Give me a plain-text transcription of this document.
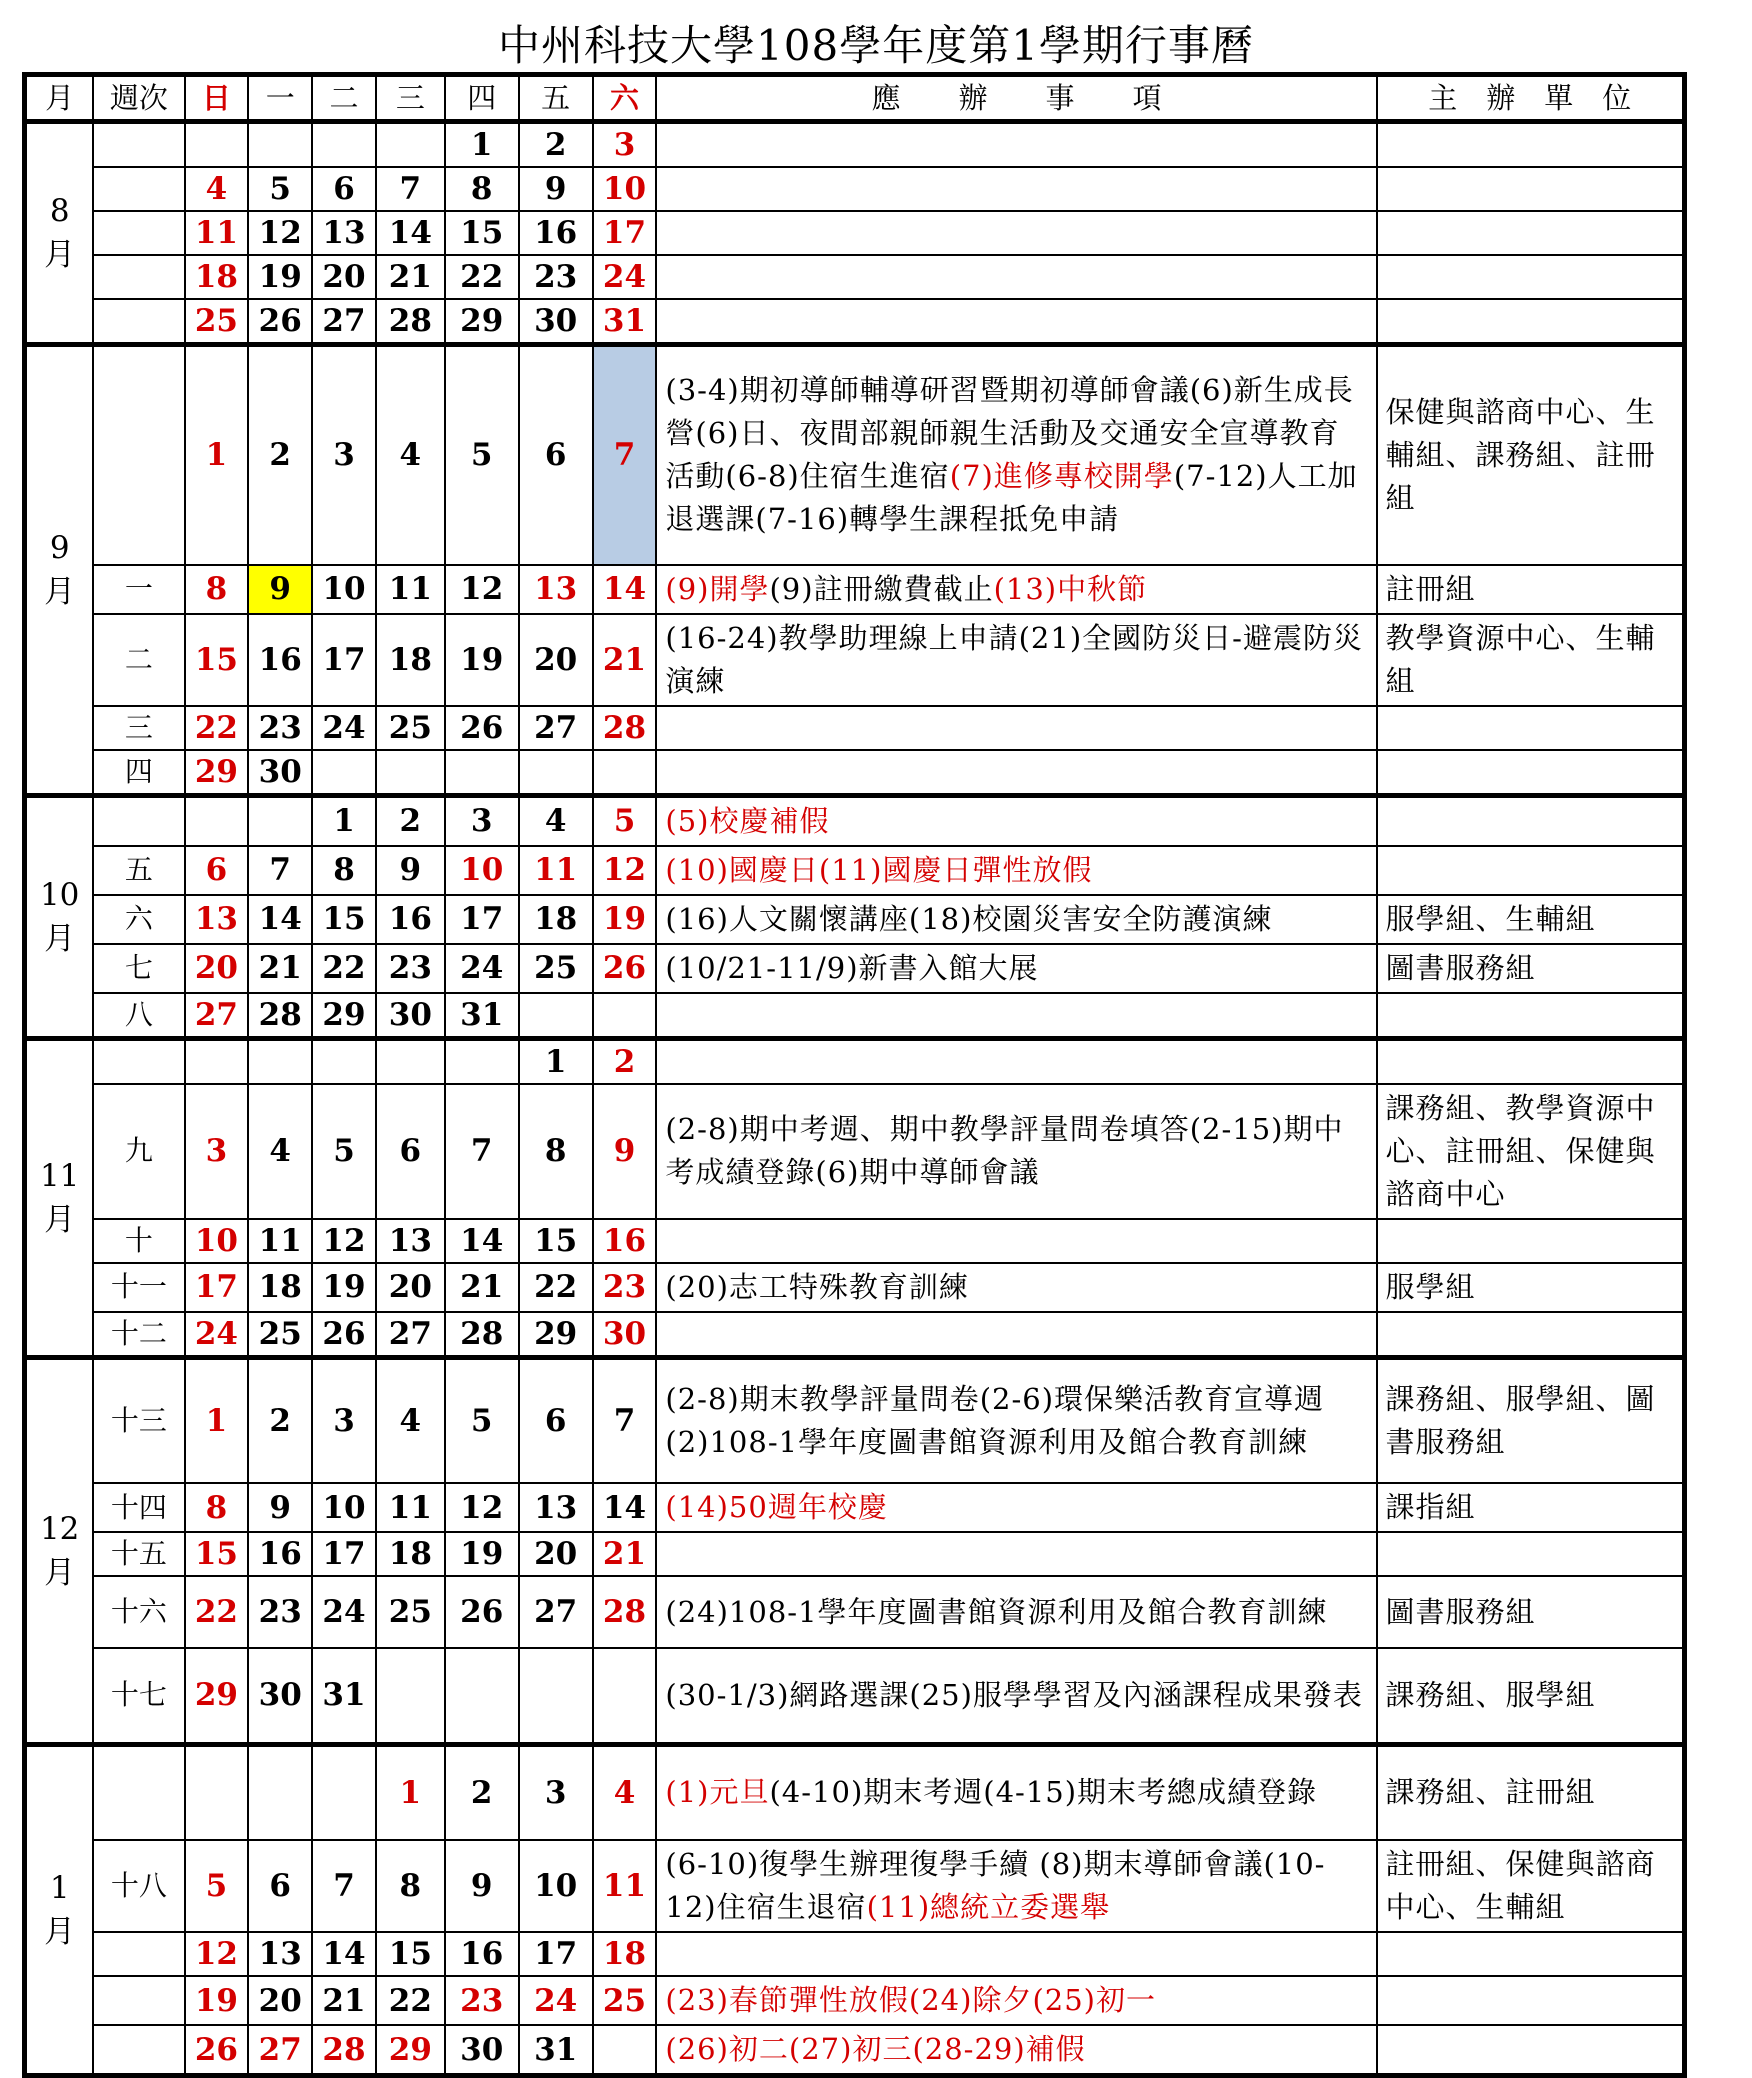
中州科技大學108學年度第1學期行事曆
月	週次	日	一	二	三	四	五	六	應　　辦　　事　　項	主　辦　單　位
8
月						1	2	3		
		4	5	6	7	8	9	10		
		11	12	13	14	15	16	17		
		18	19	20	21	22	23	24		
		25	26	27	28	29	30	31		
9
月		1	2	3	4	5	6	7	(3-4)期初導師輔導研習暨期初導師會議(6)新生成長營(6)日、夜間部親師親生活動及交通安全宣導教育活動(6-8)住宿生進宿(7)進修專校開學(7-12)人工加退選課(7-16)轉學生課程抵免申請	保健與諮商中心、生輔組、課務組、註冊組
	一	8	9	10	11	12	13	14	(9)開學(9)註冊繳費截止(13)中秋節	註冊組
	二	15	16	17	18	19	20	21	(16-24)教學助理線上申請(21)全國防災日-避震防災演練	教學資源中心、生輔組
	三	22	23	24	25	26	27	28		
	四	29	30							
10
月				1	2	3	4	5	(5)校慶補假	
	五	6	7	8	9	10	11	12	(10)國慶日(11)國慶日彈性放假	
	六	13	14	15	16	17	18	19	(16)人文關懷講座(18)校園災害安全防護演練	服學組、生輔組
	七	20	21	22	23	24	25	26	(10/21-11/9)新書入館大展	圖書服務組
	八	27	28	29	30	31				
11
月							1	2		
	九	3	4	5	6	7	8	9	(2-8)期中考週、期中教學評量問卷填答(2-15)期中考成績登錄(6)期中導師會議	課務組、教學資源中心、註冊組、保健與諮商中心
	十	10	11	12	13	14	15	16		
	十一	17	18	19	20	21	22	23	(20)志工特殊教育訓練	服學組
	十二	24	25	26	27	28	29	30		
12
月	十三	1	2	3	4	5	6	7	(2-8)期末教學評量問卷(2-6)環保樂活教育宣導週(2)108-1學年度圖書館資源利用及館合教育訓練	課務組、服學組、圖書服務組
	十四	8	9	10	11	12	13	14	(14)50週年校慶	課指組
	十五	15	16	17	18	19	20	21		
	十六	22	23	24	25	26	27	28	(24)108-1學年度圖書館資源利用及館合教育訓練	圖書服務組
	十七	29	30	31					(30-1/3)網路選課(25)服學學習及內涵課程成果發表	課務組、服學組
1
月					1	2	3	4	(1)元旦(4-10)期末考週(4-15)期末考總成績登錄	課務組、註冊組
	十八	5	6	7	8	9	10	11	(6-10)復學生辦理復學手續 (8)期末導師會議(10-12)住宿生退宿(11)總統立委選舉	註冊組、保健與諮商中心、生輔組
		12	13	14	15	16	17	18		
		19	20	21	22	23	24	25	(23)春節彈性放假(24)除夕(25)初一	
		26	27	28	29	30	31		(26)初二(27)初三(28-29)補假	
